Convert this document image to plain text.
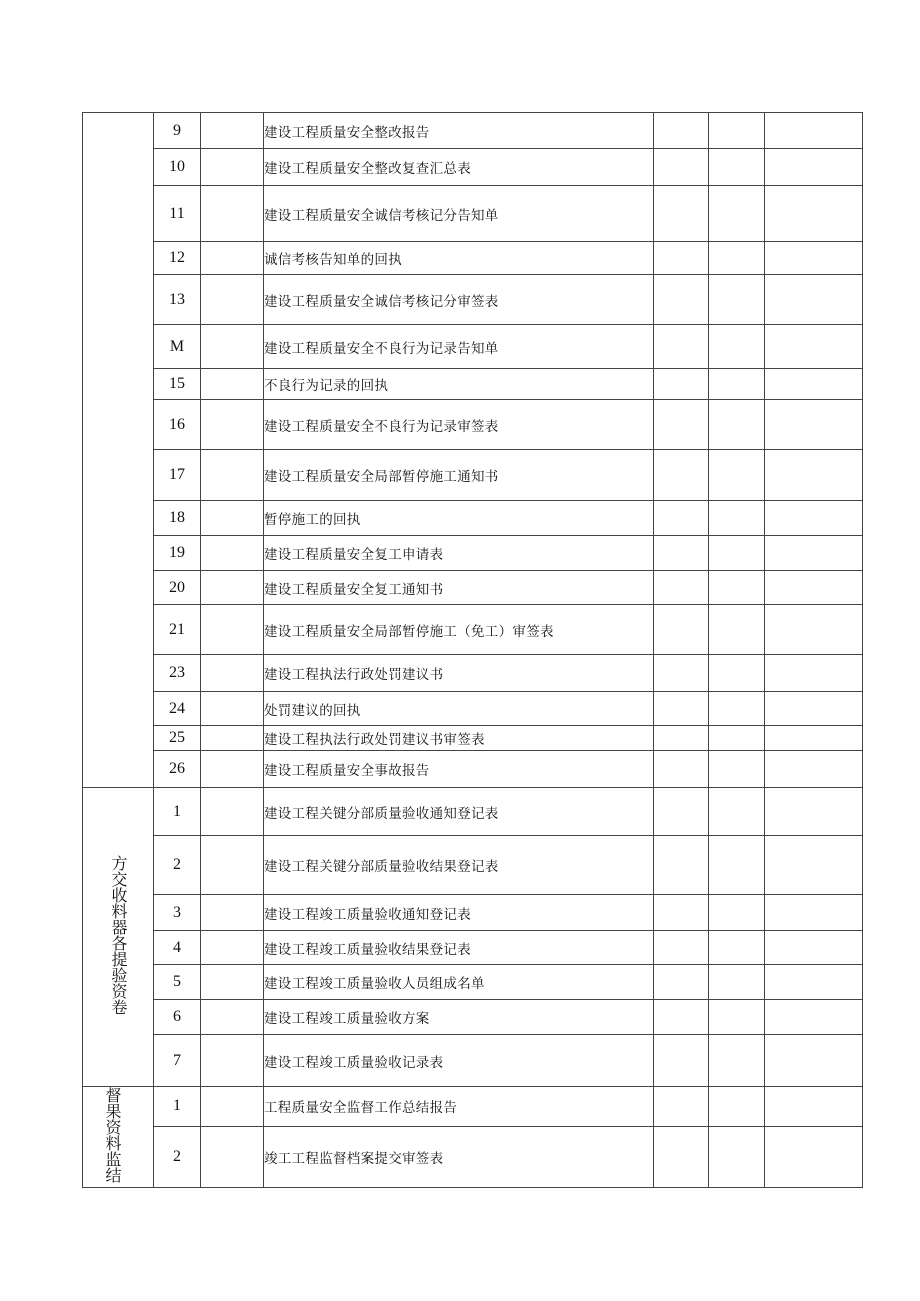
	9		建设工程质量安全整改报告			
	10		建设工程质量安全整改复查汇总表			
	11		建设工程质量安全诚信考核记分告知单			
	12		诚信考核告知单的回执			
	13		建设工程质量安全诚信考核记分审签表			
	M		建设工程质量安全不良行为记录告知单			
	15		不良行为记录的回执			
	16		建设工程质量安全不良行为记录审签表			
	17		建设工程质量安全局部暂停施工通知书			
	18		暂停施工的回执			
	19		建设工程质量安全复工申请表			
	20		建设工程质量安全复工通知书			
	21		建设工程质量安全局部暂停施工（免工）审签表			
	23		建设工程执法行政处罚建议书			
	24		处罚建议的回执			
	25		建设工程执法行政处罚建议书审签表			
	26		建设工程质量安全事故报告			
方交收料器各提验资卷	1		建设工程关键分部质量验收通知登记表			
	2		建设工程关键分部质量验收结果登记表			
	3		建设工程竣工质量验收通知登记表			
	4		建设工程竣工质量验收结果登记表			
	5		建设工程竣工质量验收人员组成名单			
	6		建设工程竣工质量验收方案			
	7		建设工程竣工质量验收记录表			
督果资料监结	1		工程质量安全监督工作总结报告			
	2		竣工工程监督档案提交审签表			
